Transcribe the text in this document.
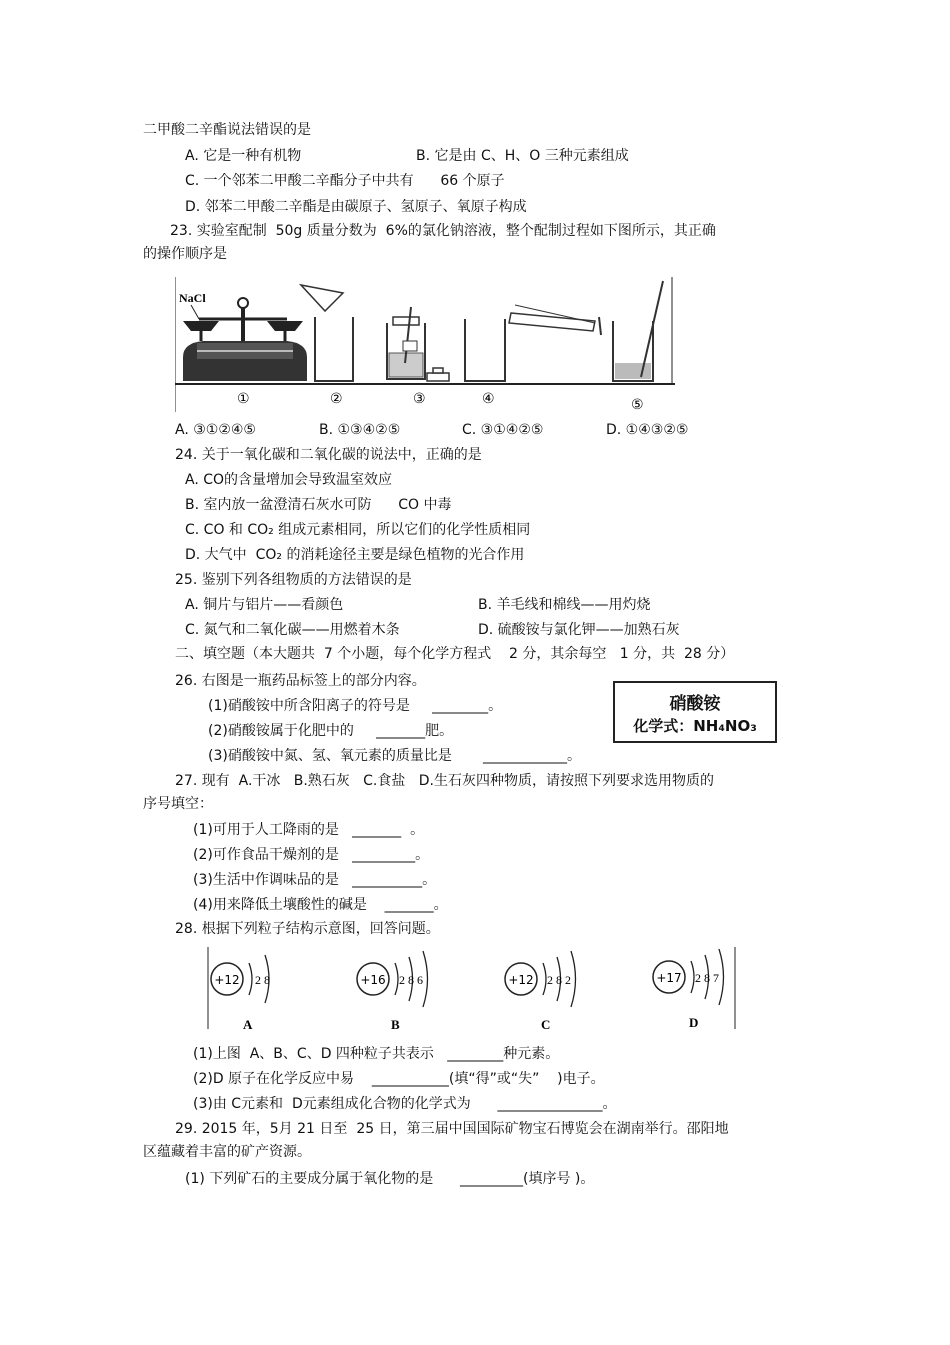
二甲酸二辛酯说法错误的是
A. 它是一种有机物	B. 它是由 C、H、O 三种元素组成
C. 一个邻苯二甲酸二辛酯分子中共有      66 个原子
D. 邻苯二甲酸二辛酯是由碳原子、氢原子、氧原子构成
23. 实验室配制  50g 质量分数为  6%的氯化钠溶液，整个配制过程如下图所示，其正确
的操作顺序是
NaCl
①	②	③	④	⑤
A. ③①②④⑤	B. ①③④②⑤	C. ③①④②⑤	D. ①④③②⑤
24. 关于一氧化碳和二氧化碳的说法中，正确的是
A. CO的含量增加会导致温室效应
B. 室内放一盆澄清石灰水可防      CO 中毒
C. CO 和 CO₂ 组成元素相同，所以它们的化学性质相同
D. 大气中  CO₂ 的消耗途径主要是绿色植物的光合作用
25. 鉴别下列各组物质的方法错误的是
A. 铜片与铝片——看颜色	B. 羊毛线和棉线——用灼烧
C. 氮气和二氧化碳——用燃着木条	D. 硫酸铵与氯化钾——加熟石灰
二、填空题（本大题共  7 个小题，每个化学方程式    2 分，其余每空   1 分，共  28 分）
26. 右图是一瓶药品标签上的部分内容。
(1)硝酸铵中所含阳离子的符号是     ________。
(2)硝酸铵属于化肥中的     _______肥。
(3)硝酸铵中氮、氢、氧元素的质量比是       ____________。
硝酸铵
化学式：NH₄NO₃
27. 现有  A.干冰   B.熟石灰   C.食盐   D.生石灰四种物质，请按照下列要求选用物质的
序号填空：
(1)可用于人工降雨的是   _______  。
(2)可作食品干燥剂的是   _________。
(3)生活中作调味品的是   __________。
(4)用来降低土壤酸性的碱是    _______。
28. 根据下列粒子结构示意图，回答问题。
+12 2 8
A
+16 2 8 6
B
+12 2 8 2
C
+17 2 8 7
D
(1)上图  A、B、C、D 四种粒子共表示   ________种元素。
(2)D 原子在化学反应中易    ___________(填“得”或“失”    )电子。
(3)由 C元素和  D元素组成化合物的化学式为      _______________。
29. 2015 年，5月 21 日至  25 日，第三届中国国际矿物宝石博览会在湖南举行。邵阳地
区蕴藏着丰富的矿产资源。
(1) 下列矿石的主要成分属于氧化物的是      _________(填序号 )。
